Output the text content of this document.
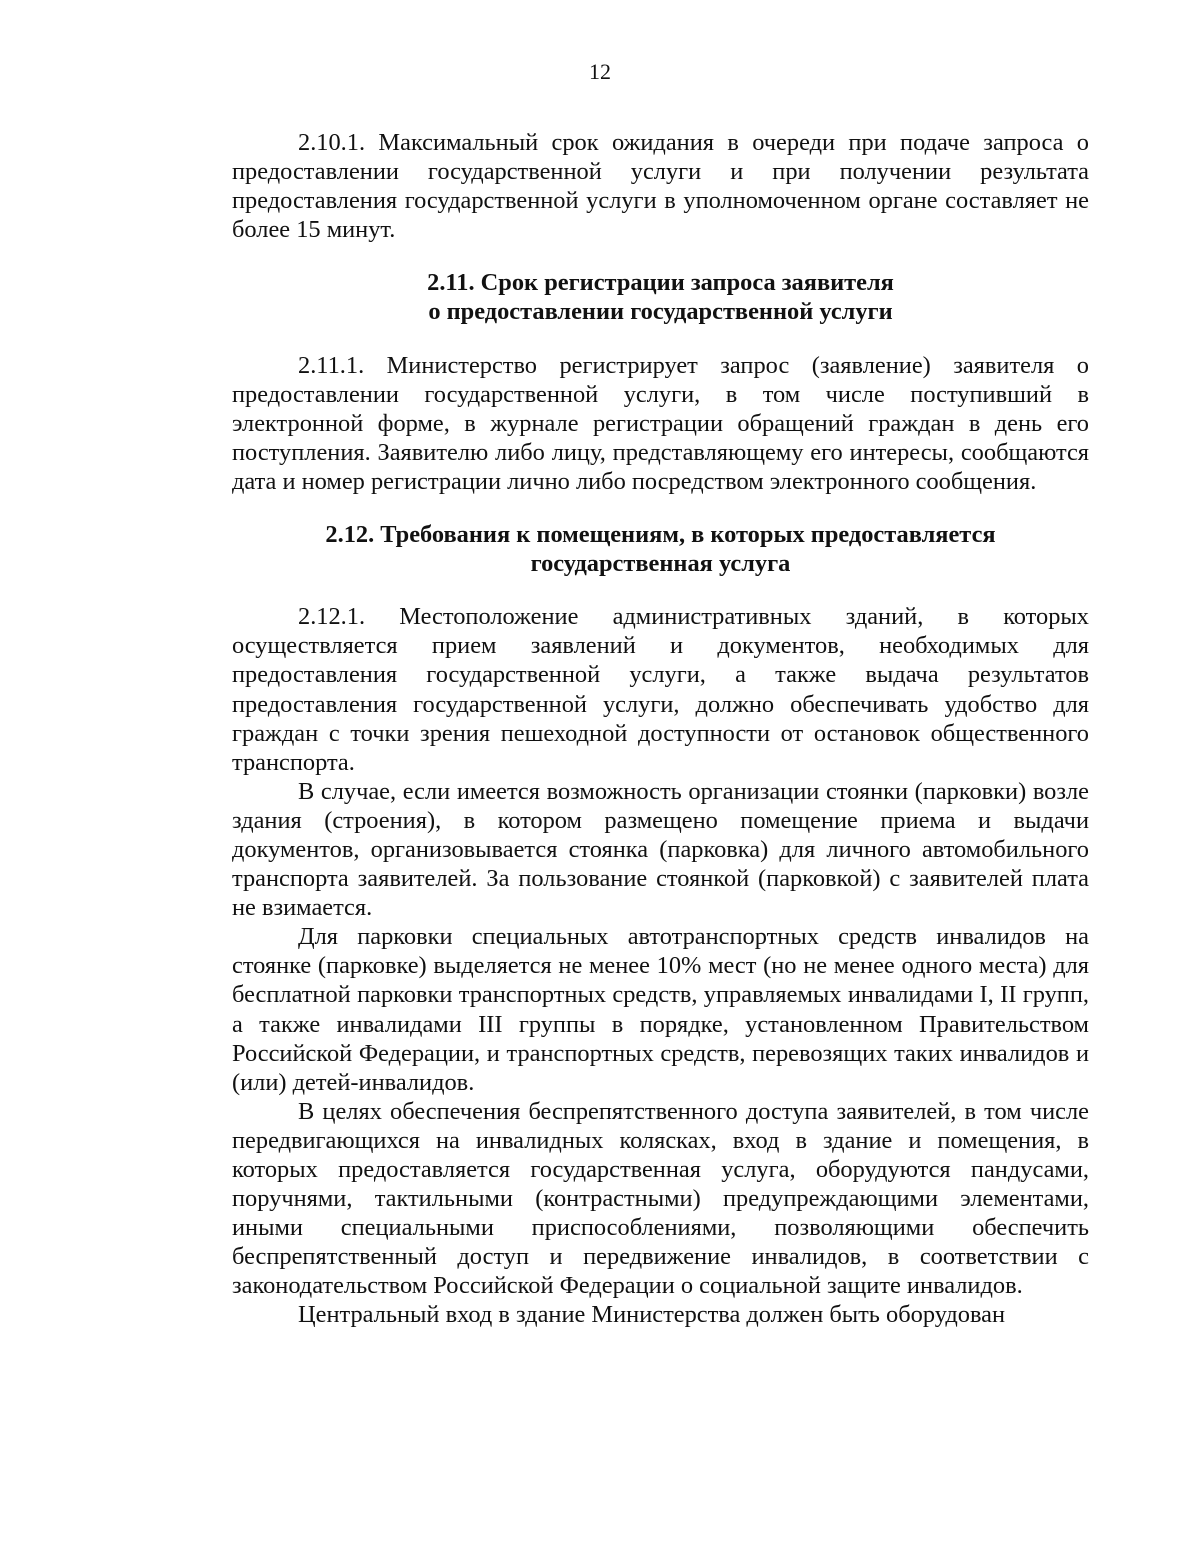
12

2.10.1. Максимальный срок ожидания в очереди при подаче запроса о предоставлении государственной услуги и при получении результата предоставления государственной услуги в уполномоченном органе составляет не более 15 минут.

2.11. Срок регистрации запроса заявителя
о предоставлении государственной услуги

2.11.1. Министерство регистрирует запрос (заявление) заявителя о предоставлении государственной услуги, в том числе поступивший в электронной форме, в журнале регистрации обращений граждан в день его поступления. Заявителю либо лицу, представляющему его интересы, сообщаются дата и номер регистрации лично либо посредством электронного сообщения.

2.12. Требования к помещениям, в которых предоставляется
государственная услуга

2.12.1. Местоположение административных зданий, в которых осуществляется прием заявлений и документов, необходимых для предоставления государственной услуги, а также выдача результатов предоставления государственной услуги, должно обеспечивать удобство для граждан с точки зрения пешеходной доступности от остановок общественного транспорта.

В случае, если имеется возможность организации стоянки (парковки) возле здания (строения), в котором размещено помещение приема и выдачи документов, организовывается стоянка (парковка) для личного автомобильного транспорта заявителей. За пользование стоянкой (парковкой) с заявителей плата не взимается.

Для парковки специальных автотранспортных средств инвалидов на стоянке (парковке) выделяется не менее 10% мест (но не менее одного места) для бесплатной парковки транспортных средств, управляемых инвалидами I, II групп, а также инвалидами III группы в порядке, установленном Правительством Российской Федерации, и транспортных средств, перевозящих таких инвалидов и (или) детей-инвалидов.

В целях обеспечения беспрепятственного доступа заявителей, в том числе передвигающихся на инвалидных колясках, вход в здание и помещения, в которых предоставляется государственная услуга, оборудуются пандусами, поручнями, тактильными (контрастными) предупреждающими элементами, иными специальными приспособлениями, позволяющими обеспечить беспрепятственный доступ и передвижение инвалидов, в соответствии с законодательством Российской Федерации о социальной защите инвалидов.

Центральный вход в здание Министерства должен быть оборудован
